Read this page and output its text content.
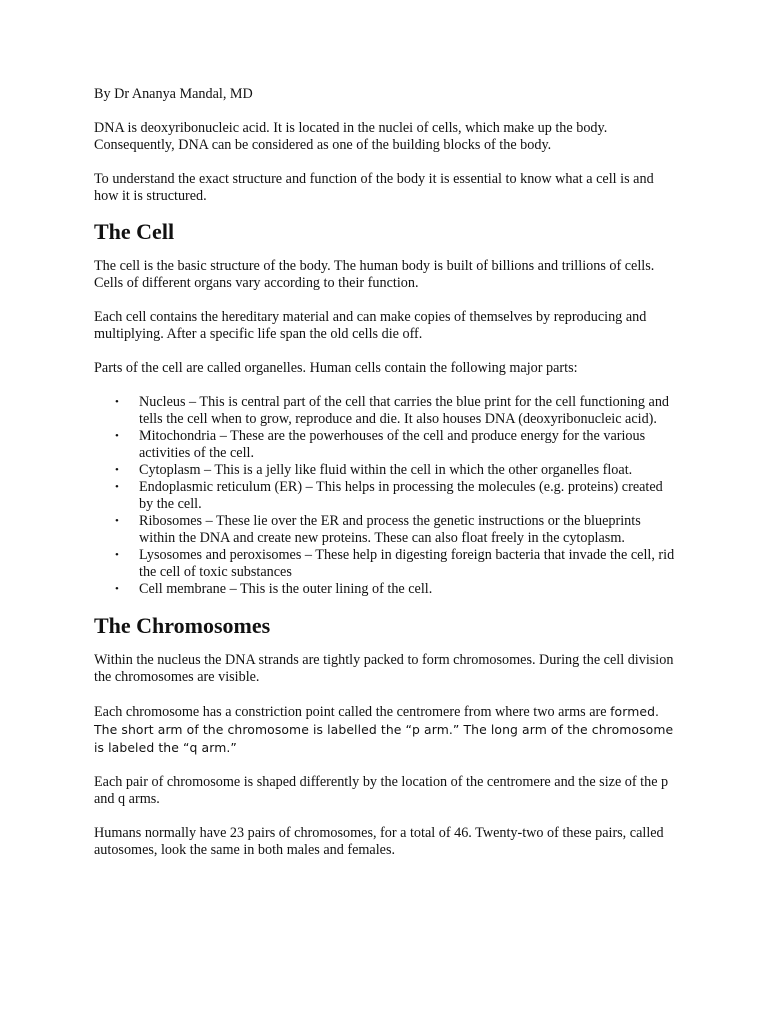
By Dr Ananya Mandal, MD

DNA is deoxyribonucleic acid. It is located in the nuclei of cells, which make up the body. Consequently, DNA can be considered as one of the building blocks of the body.

To understand the exact structure and function of the body it is essential to know what a cell is and how it is structured.

The Cell

The cell is the basic structure of the body. The human body is built of billions and trillions of cells. Cells of different organs vary according to their function.

Each cell contains the hereditary material and can make copies of themselves by reproducing and multiplying. After a specific life span the old cells die off.

Parts of the cell are called organelles. Human cells contain the following major parts:

• Nucleus – This is central part of the cell that carries the blue print for the cell functioning and tells the cell when to grow, reproduce and die. It also houses DNA (deoxyribonucleic acid).
• Mitochondria – These are the powerhouses of the cell and produce energy for the various activities of the cell.
• Cytoplasm – This is a jelly like fluid within the cell in which the other organelles float.
• Endoplasmic reticulum (ER) – This helps in processing the molecules (e.g. proteins) created by the cell.
• Ribosomes – These lie over the ER and process the genetic instructions or the blueprints within the DNA and create new proteins. These can also float freely in the cytoplasm.
• Lysosomes and peroxisomes – These help in digesting foreign bacteria that invade the cell, rid the cell of toxic substances
• Cell membrane – This is the outer lining of the cell.
The Chromosomes

Within the nucleus the DNA strands are tightly packed to form chromosomes. During the cell division the chromosomes are visible.

Each chromosome has a constriction point called the centromere from where two arms are formed. The short arm of the chromosome is labelled the “p arm.” The long arm of the chromosome is labeled the “q arm.”

Each pair of chromosome is shaped differently by the location of the centromere and the size of the p and q arms.

Humans normally have 23 pairs of chromosomes, for a total of 46. Twenty-two of these pairs, called autosomes, look the same in both males and females.
